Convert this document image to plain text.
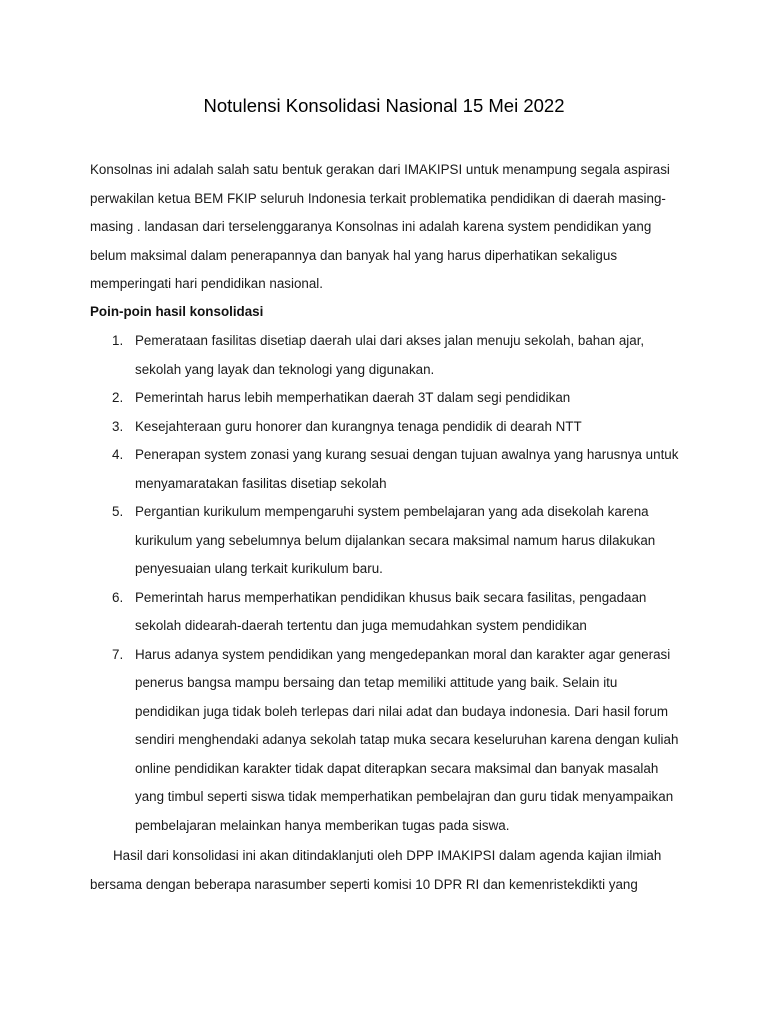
Notulensi Konsolidasi Nasional 15 Mei 2022
Konsolnas ini adalah salah satu bentuk gerakan dari IMAKIPSI untuk menampung segala aspirasi perwakilan ketua BEM FKIP seluruh Indonesia terkait problematika pendidikan di daerah masing-masing . landasan dari terselenggaranya Konsolnas ini adalah karena system pendidikan yang belum maksimal dalam penerapannya dan banyak hal yang harus diperhatikan sekaligus memperingati hari pendidikan nasional.
Poin-poin hasil konsolidasi
1. Pemerataan fasilitas disetiap daerah ulai dari akses jalan menuju sekolah, bahan ajar, sekolah yang layak dan teknologi yang digunakan.
2. Pemerintah harus lebih memperhatikan daerah 3T dalam segi pendidikan
3. Kesejahteraan guru honorer dan kurangnya tenaga pendidik di dearah NTT
4. Penerapan system zonasi yang kurang sesuai dengan tujuan awalnya yang harusnya untuk menyamaratakan fasilitas disetiap sekolah
5. Pergantian kurikulum mempengaruhi system pembelajaran yang ada disekolah karena kurikulum yang sebelumnya belum dijalankan secara maksimal namum harus dilakukan penyesuaian ulang terkait kurikulum baru.
6. Pemerintah harus memperhatikan pendidikan khusus baik secara fasilitas, pengadaan sekolah didearah-daerah tertentu dan juga memudahkan system pendidikan
7. Harus adanya system pendidikan yang mengedepankan moral dan karakter agar generasi penerus bangsa mampu bersaing dan tetap memiliki attitude yang baik. Selain itu pendidikan juga tidak boleh terlepas dari nilai adat dan budaya indonesia. Dari hasil forum sendiri menghendaki adanya sekolah tatap muka secara keseluruhan karena dengan kuliah online pendidikan karakter tidak dapat diterapkan secara maksimal dan banyak masalah yang timbul seperti siswa tidak memperhatikan pembelajran dan guru tidak menyampaikan pembelajaran melainkan hanya memberikan tugas pada siswa.
Hasil dari konsolidasi ini akan ditindaklanjuti oleh DPP IMAKIPSI dalam agenda kajian ilmiah bersama dengan beberapa narasumber seperti komisi 10 DPR RI dan kemenristekdikti yang
